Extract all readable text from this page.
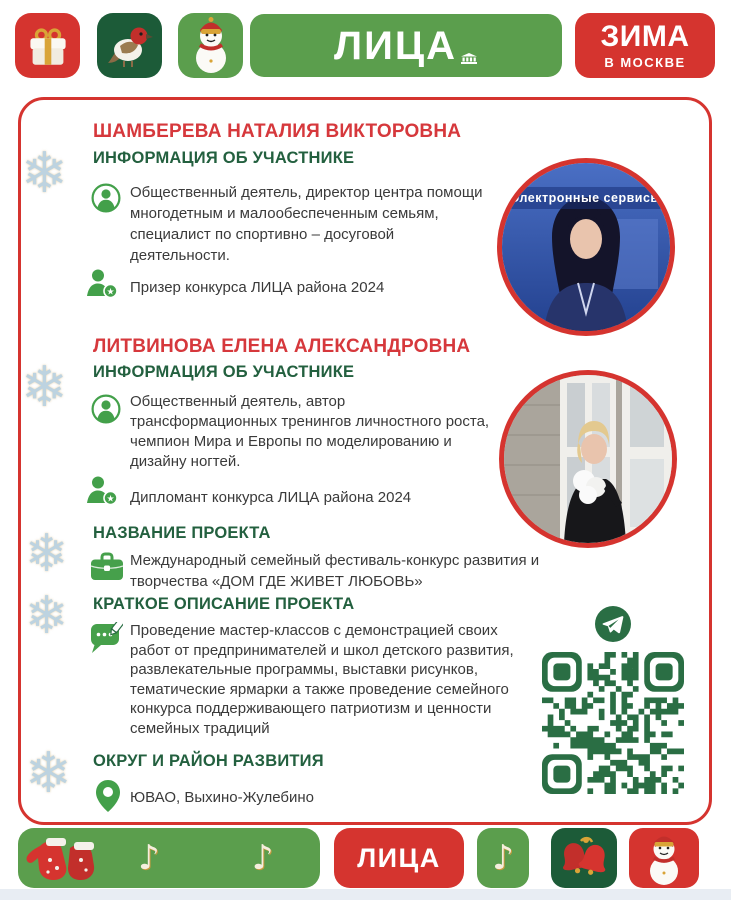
ЛИЦА	ЗИМА
В МОСКВЕ
❄
❄
❄
❄
❄
ШАМБЕРЕВА НАТАЛИЯ ВИКТОРОВНА
ИНФОРМАЦИЯ ОБ УЧАСТНИКЕ
Общественный деятель, директор центра помощи многодетным и малообеспеченным семьям, специалист по спортивно – досуговой деятельности.
★ Призер конкурса ЛИЦА района 2024
Электронные сервисы
ЛИТВИНОВА ЕЛЕНА АЛЕКСАНДРОВНА
ИНФОРМАЦИЯ ОБ УЧАСТНИКЕ
Общественный деятель, автор трансформационных тренингов личностного роста, чемпион Мира и Европы по моделированию и дизайну ногтей.
★ Дипломант конкурса ЛИЦА района 2024
НАЗВАНИЕ ПРОЕКТА
Международный семейный фестиваль-конкурс развития и творчества «ДОМ ГДЕ ЖИВЕТ ЛЮБОВЬ»
КРАТКОЕ ОПИСАНИЕ ПРОЕКТА
Проведение мастер-классов с демонстрацией своих работ от предпринимателей и школ детского развития, развлекательные программы, выставки рисунков, тематические ярмарки а также проведение семейного конкурса поддерживающего патриотизм и ценности семейных традиций
ОКРУГ И РАЙОН РАЗВИТИЯ
ЮВАО, Выхино-Жулебино
♪	♪	ЛИЦА ♪
